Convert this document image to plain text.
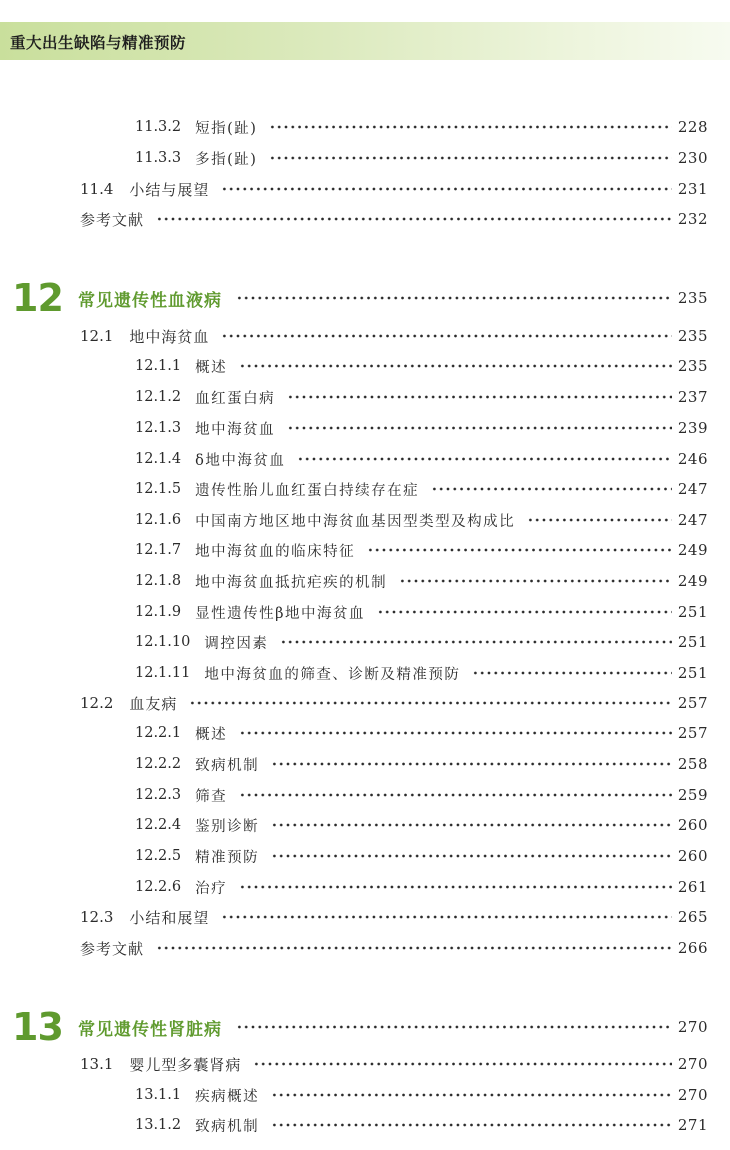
重大出生缺陷与精准预防
11.3.2 短指(趾)	228
11.3.3 多指(趾)	230
11.4 小结与展望	231
参考文献	232
12 常见遗传性血液病	235
12.1 地中海贫血	235
12.1.1 概述	235
12.1.2 血红蛋白病	237
12.1.3 地中海贫血	239
12.1.4 δ地中海贫血	246
12.1.5 遗传性胎儿血红蛋白持续存在症	247
12.1.6 中国南方地区地中海贫血基因型类型及构成比	247
12.1.7 地中海贫血的临床特征	249
12.1.8 地中海贫血抵抗疟疾的机制	249
12.1.9 显性遗传性β地中海贫血	251
12.1.10 调控因素	251
12.1.11 地中海贫血的筛查、诊断及精准预防	251
12.2 血友病	257
12.2.1 概述	257
12.2.2 致病机制	258
12.2.3 筛查	259
12.2.4 鉴别诊断	260
12.2.5 精准预防	260
12.2.6 治疗	261
12.3 小结和展望	265
参考文献	266
13 常见遗传性肾脏病	270
13.1 婴儿型多囊肾病	270
13.1.1 疾病概述	270
13.1.2 致病机制	271
